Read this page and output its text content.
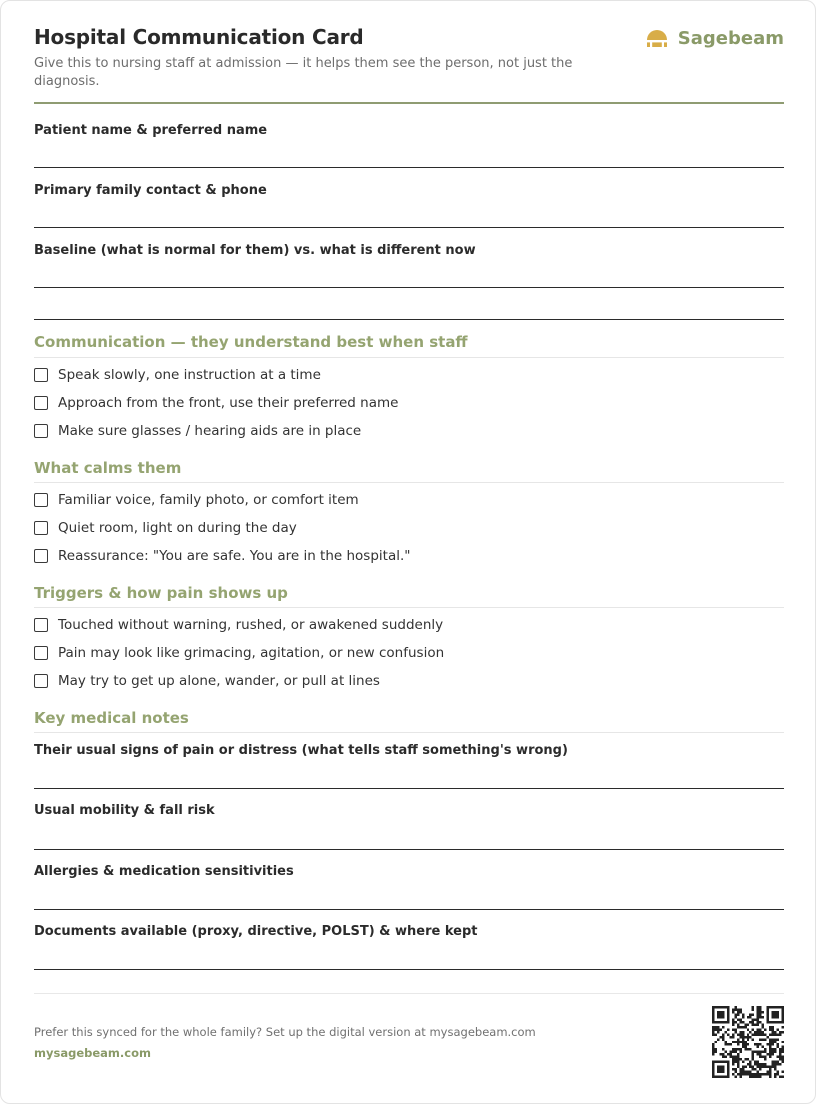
Hospital Communication Card
Give this to nursing staff at admission — it helps them see the person, not just the diagnosis.
Sagebeam
Patient name & preferred name
Primary family contact & phone
Baseline (what is normal for them) vs. what is different now
Communication — they understand best when staff
Speak slowly, one instruction at a time
Approach from the front, use their preferred name
Make sure glasses / hearing aids are in place
What calms them
Familiar voice, family photo, or comfort item
Quiet room, light on during the day
Reassurance: "You are safe. You are in the hospital."
Triggers & how pain shows up
Touched without warning, rushed, or awakened suddenly
Pain may look like grimacing, agitation, or new confusion
May try to get up alone, wander, or pull at lines
Key medical notes
Their usual signs of pain or distress (what tells staff something's wrong)
Usual mobility & fall risk
Allergies & medication sensitivities
Documents available (proxy, directive, POLST) & where kept
Prefer this synced for the whole family? Set up the digital version at mysagebeam.com
mysagebeam.com
